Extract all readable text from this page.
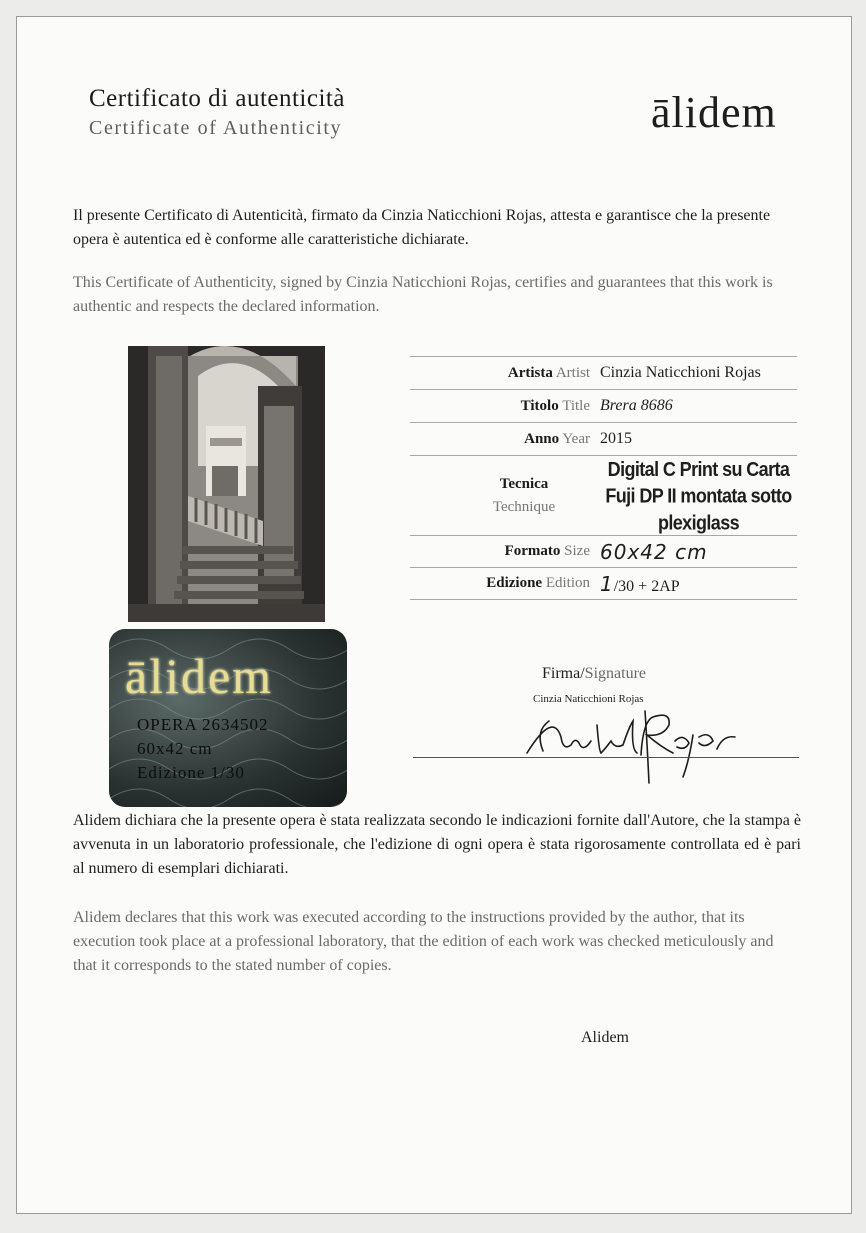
Certificato di autenticità
Certificate of Authenticity	ālidem
Il presente Certificato di Autenticità, firmato da Cinzia Naticchioni Rojas, attesta e garantisce che la presente opera è autentica ed è conforme alle caratteristiche dichiarate.
This Certificate of Authenticity, signed by Cinzia Naticchioni Rojas, certifies and guarantees that this work is authentic and respects the declared information.
ālidem
OPERA 2634502
60x42 cm
Edizione 1/30
Artista Artist	Cinzia Naticchioni Rojas
Titolo Title	Brera 8686
Anno Year	2015

Tecnica
Technique	Digital C Print su Carta Fuji DP II montata sotto plexiglass
Formato Size	60x42 cm
Edizione Edition	1/30 + 2AP
Firma/Signature
Cinzia Naticchioni Rojas
Alidem dichiara che la presente opera è stata realizzata secondo le indicazioni fornite dall'Autore, che la stampa è avvenuta in un laboratorio professionale, che l'edizione di ogni opera è stata rigorosamente controllata ed è pari al numero di esemplari dichiarati.
Alidem declares that this work was executed according to the instructions provided by the author, that its execution took place at a professional laboratory, that the edition of each work was checked meticulously and that it corresponds to the stated number of copies.
Alidem
